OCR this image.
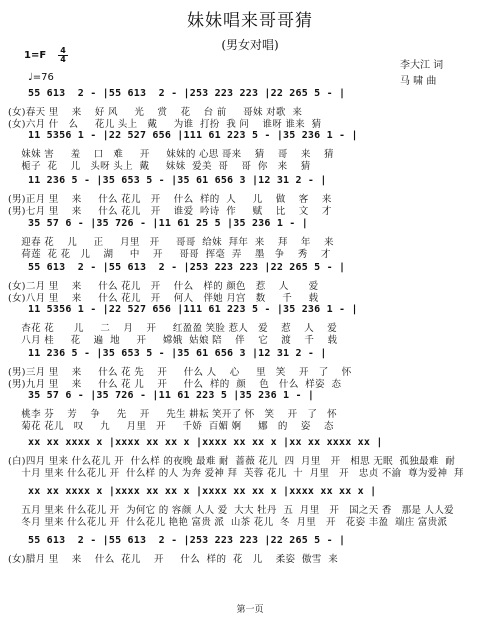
妹妹唱来哥哥猜
(男女对唱)
李大江 词
马 啸 曲
1=F 4
4
♩=76
55 613  2 - |55 613  2 - |253 223 223 |22 265 5 - |
(女)春天 里    来    好 风     光    赏    花    台 前     哥妹 对歌  来
(女)六月 什   么     花儿 头上   戴     为谁  打扮  我 问    谁呀 谁来  猜
11 5356 1 - |22 527 656 |111 61 223 5 - |35 236 1 - |
妹妹 害     羞    口   难     开     妹妹的 心思 哥来    猜    哥    来    猜
栀子  花    儿   头呀 头上  戴     妹妹  爱美  哥    哥  你   来    猜
11 236 5 - |35 653 5 - |35 61 656 3 |12 31 2 - |
(男)正月 里    来     什么 花儿   开    什么  样的  人     儿    做    客    来
(男)七月 里    来     什么 花儿   开    谁爱  吟诗  作     赋    比    文    才
35 57 6 - |35 726 - |11 61 25 5 |35 236 1 - |
迎春 花    儿     正     月里   开     哥哥  给妹  拜年  来    拜    年    来
荷莲  花 花   儿    湖     中    开     哥哥  挥毫  弄    墨   争    秀    才
55 613  2 - |55 613  2 - |253 223 223 |22 265 5 - |
(女)二月 里    来     什么 花儿   开    什么   样的 颜色   惹    人      爱
(女)八月 里    来     什么 花儿   开    何人   伴她 月宫   数     千     载
11 5356 1 - |22 527 656 |111 61 223 5 - |35 236 1 - |
杏花 花      儿     二    月    开     红盈盈 笑脸 惹人   爱    惹    人    爱
八月 桂     花    遍  地     开     嫦娥  姑娘 陪    伴    它    渡    千    载
11 236 5 - |35 653 5 - |35 61 656 3 |12 31 2 - |
(男)三月 里    来     什么 花 先    开     什么 人    心     里   笑    开   了    怀
(男)九月 里    来     什么 花 儿    开     什么  样的  颜    色   什么  样姿  态
35 57 6 - |35 726 - |11 61 223 5 |35 236 1 - |
桃李 芬    芳    争     先    开     先生 耕耘 笑开了 怀   笑    开   了   怀
菊花 花儿   叹     九     月里   开     千娇  百媚 婀     娜   的    姿    态
xx xx xxxx x |xxxx xx xx x |xxxx xx xx x |xx xx xxxx xx |
(白)四月 里来 什么花儿 开  什么样 的夜晚 最难 耐  蔷薇 花儿  四  月里   开   相思 无眠  孤独最难  耐
十月 里来 什么花儿 开  什么样 的人 为奔 爱神 拜  芙蓉 花儿  十  月里   开   忠贞 不渝  尊为爱神  拜
xx xx xxxx x |xxxx xx xx x |xxxx xx xx x |xxxx xx xx x |
五月 里来 什么花儿 开  为何它 的 容颜 人人 爱  大大 牡丹  五  月里   开   国之天 香   那是 人人爱
冬月 里来 什么花儿 开  什么花儿 艳艳 富贵 派  山茶 花儿  冬  月里   开   花姿 丰盈  端庄 富贵派
55 613  2 - |55 613  2 - |253 223 223 |22 265 5 - |
(女)腊月 里    来    什么  花儿    开     什么  样的  花   儿    柔姿  傲雪  来
第一页
